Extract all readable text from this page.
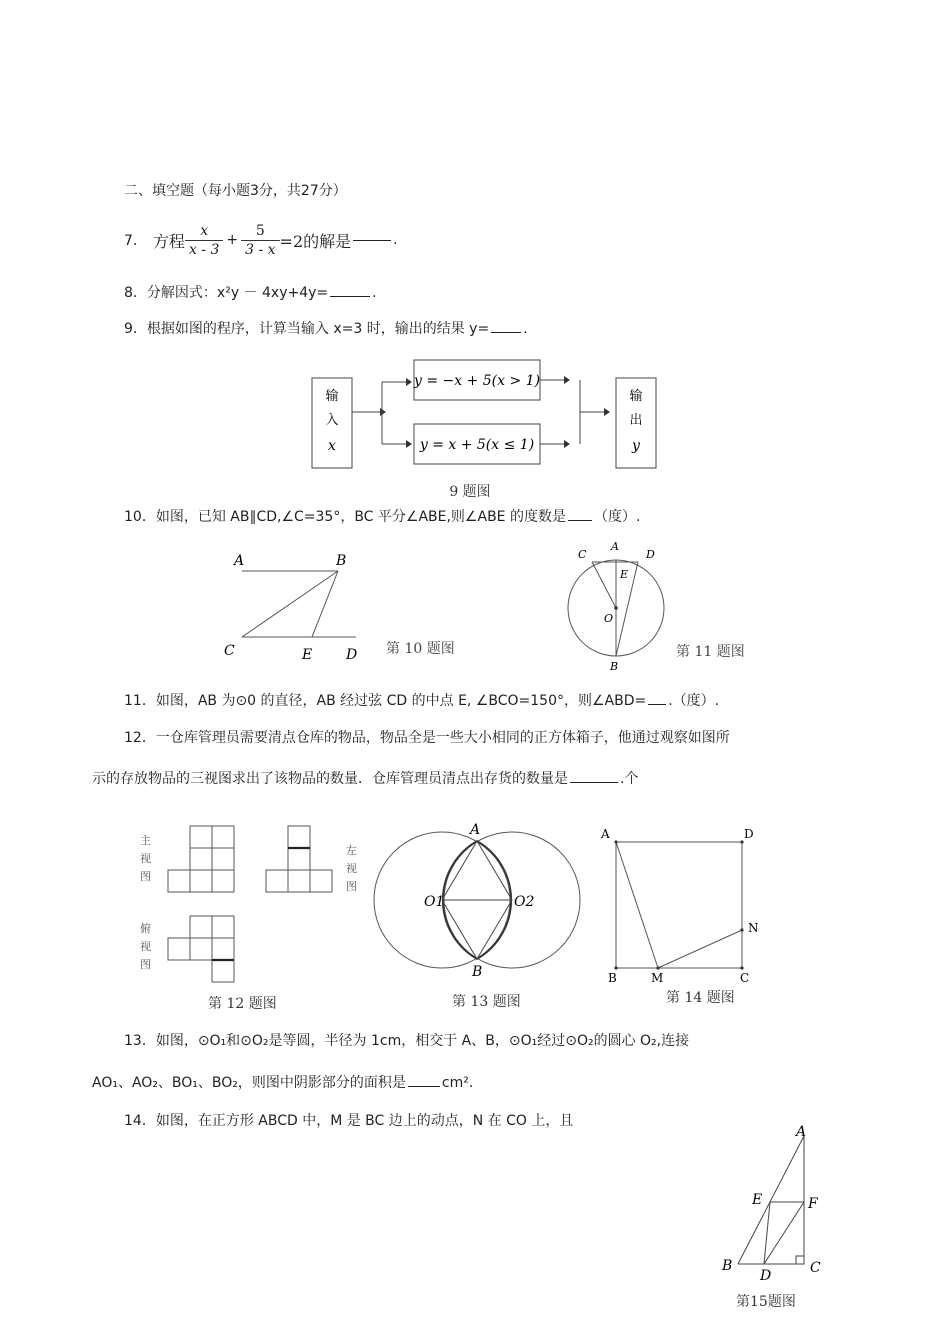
二、填空题（每小题3分，共27分）
7． 方程 $\frac{x}{x - 3} + \frac{5}{3 - x} =2$的解是	.
8．分解因式：x²y － 4xy+4y=	.
9．根据如图的程序，计算当输入 x=3 时，输出的结果 y= .
输
入
x
y = −x + 5(x > 1)
y = x + 5(x ≤ 1)
输
出
y
9 题图
10．如图，已知 AB∥CD,∠C=35°，BC 平分∠ABE,则∠ABE 的度数是 （度）.
A	B
C	E D 第 10 题图
C
A
D
E
O
B
第 11 题图
11．如图，AB 为⊙0 的直径，AB 经过弦 CD 的中点 E, ∠BCO=150°，则∠ABD= .（度）.
12．一仓库管理员需要清点仓库的物品，物品全是一些大小相同的正方体箱子，他通过观察如图所
示的存放物品的三视图求出了该物品的数量．仓库管理员清点出存货的数量是	.个
主
视
图
左
视
图
俯
视
图
第 12 题图
A
O1	O2
B
第 13 题图
A	D
N
B	M	C
第 14 题图
13．如图，⊙O₁和⊙O₂是等圆，半径为 1cm，相交于 A、B，⊙O₁经过⊙O₂的圆心 O₂,连接
AO₁、AO₂、BO₁、BO₂，则图中阴影部分的面积是	cm².
14．如图，在正方形 ABCD 中，M 是 BC 边上的动点，N 在 CO 上，且
A
E	F
B
D	C
第15题图
